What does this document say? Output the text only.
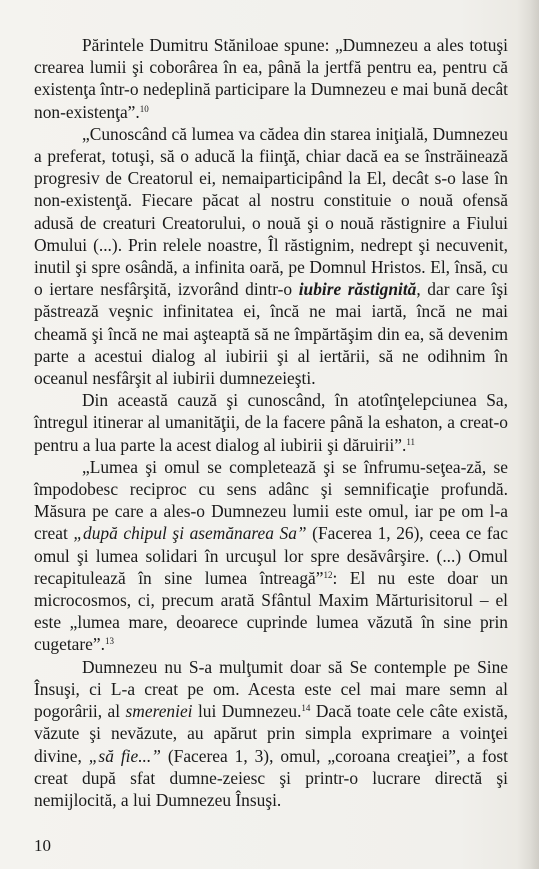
Părintele Dumitru Stăniloae spune: „Dumnezeu a ales totuşi crearea lumii şi coborârea în ea, până la jertfă pentru ea, pentru că existenţa într-o nedeplină participare la Dumnezeu e mai bună decât non-existenţa”.$^{10}$

„Cunoscând că lumea va cădea din starea iniţială, Dumnezeu a preferat, totuşi, să o aducă la fiinţă, chiar dacă ea se înstrăinează progresiv de Creatorul ei, nemaiparticipând la El, decât s-o lase în non-existenţă. Fiecare păcat al nostru constituie o nouă ofensă adusă de creaturi Creatorului, o nouă şi o nouă răstignire a Fiului Omului (...). Prin relele noastre, Îl răstignim, nedrept şi necuvenit, inutil şi spre osândă, a infinita oară, pe Domnul Hristos. El, însă, cu o iertare nesfârşită, izvorând dintr-o iubire răstignită, dar care îşi păstrează veşnic infinitatea ei, încă ne mai iartă, încă ne mai cheamă şi încă ne mai aşteaptă să ne împărtăşim din ea, să devenim parte a acestui dialog al iubirii şi al iertării, să ne odihnim în oceanul nesfârşit al iubirii dumnezeieşti.

Din această cauză şi cunoscând, în atotînţelepciunea Sa, întregul itinerar al umanităţii, de la facere până la eshaton, a creat-o pentru a lua parte la acest dialog al iubirii şi dăruirii”.$^{11}$

„Lumea şi omul se completează şi se înfrumu-seţea-ză, se împodobesc reciproc cu sens adânc şi semnificaţie profundă. Măsura pe care a ales-o Dumnezeu lumii este omul, iar pe om l-a creat „după chipul şi asemănarea Sa” (Facerea 1, 26), ceea ce fac omul şi lumea solidari în urcuşul lor spre desăvârşire. (...) Omul recapitulează în sine lumea întreagă”$^{12}$: El nu este doar un microcosmos, ci, precum arată Sfântul Maxim Mărturisitorul – el este „lumea mare, deoarece cuprinde lumea văzută în sine prin cugetare”.$^{13}$

Dumnezeu nu S-a mulţumit doar să Se contemple pe Sine Însuşi, ci L-a creat pe om. Acesta este cel mai mare semn al pogorârii, al smereniei lui Dumnezeu.$^{14}$ Dacă toate cele câte există, văzute şi nevăzute, au apărut prin simpla exprimare a voinţei divine, „să fie...” (Facerea 1, 3), omul, „coroana creaţiei”, a fost creat după sfat dumne-zeiesc şi printr-o lucrare directă şi nemijlocită, a lui Dumnezeu Însuşi.

10
